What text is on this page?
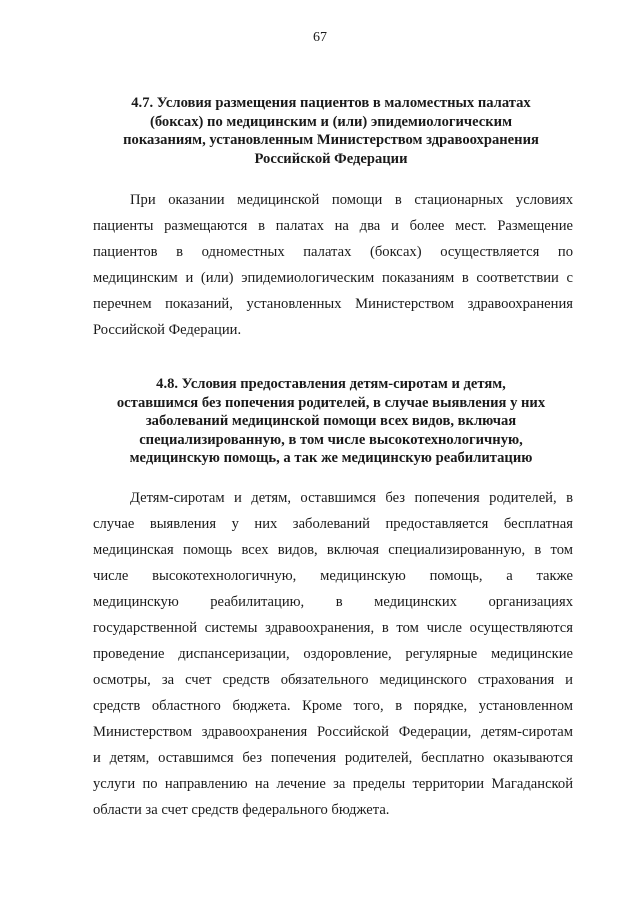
67
4.7. Условия размещения пациентов в маломестных палатах
(боксах) по медицинским и (или) эпидемиологическим
показаниям, установленным Министерством здравоохранения
Российской Федерации
При оказании медицинской помощи в стационарных условиях
пациенты размещаются в палатах на два и более мест. Размещение
пациентов в одноместных палатах (боксах) осуществляется по
медицинским и (или) эпидемиологическим показаниям в соответствии с
перечнем показаний, установленных Министерством здравоохранения
Российской Федерации.
4.8. Условия предоставления детям-сиротам и детям,
оставшимся без попечения родителей, в случае выявления у них
заболеваний медицинской помощи всех видов, включая
специализированную, в том числе высокотехнологичную,
медицинскую помощь, а так же медицинскую реабилитацию
Детям-сиротам и детям, оставшимся без попечения родителей, в
случае выявления у них заболеваний предоставляется бесплатная
медицинская помощь всех видов, включая специализированную, в том
числе высокотехнологичную, медицинскую помощь, а также
медицинскую реабилитацию, в медицинских организациях
государственной системы здравоохранения, в том числе осуществляются
проведение диспансеризации, оздоровление, регулярные медицинские
осмотры, за счет средств обязательного медицинского страхования и
средств областного бюджета. Кроме того, в порядке, установленном
Министерством здравоохранения Российской Федерации, детям-сиротам
и детям, оставшимся без попечения родителей, бесплатно оказываются
услуги по направлению на лечение за пределы территории Магаданской
области за счет средств федерального бюджета.
